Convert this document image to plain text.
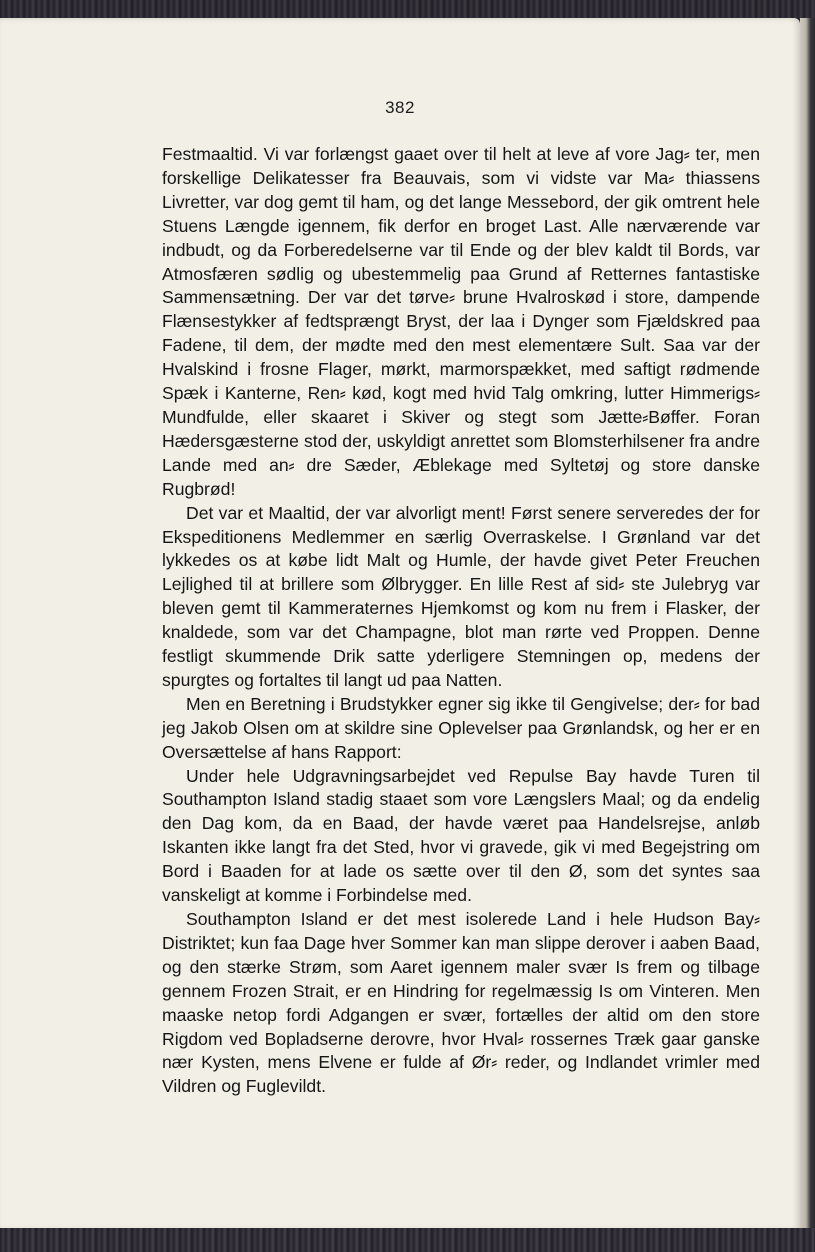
382

Festmaaltid. Vi var forlængst gaaet over til helt at leve af vore Jag⸗ ter, men forskellige Delikatesser fra Beauvais, som vi vidste var Ma⸗ thiassens Livretter, var dog gemt til ham, og det lange Messebord, der gik omtrent hele Stuens Længde igennem, fik derfor en broget Last. Alle nærværende var indbudt, og da Forberedelserne var til Ende og der blev kaldt til Bords, var Atmosfæren sødlig og ubestemmelig paa Grund af Retternes fantastiske Sammensætning. Der var det tørve⸗ brune Hvalroskød i store, dampende Flænsestykker af fedtsprængt Bryst, der laa i Dynger som Fjældskred paa Fadene, til dem, der mødte med den mest elementære Sult. Saa var der Hvalskind i frosne Flager, mørkt, marmorspækket, med saftigt rødmende Spæk i Kanterne, Ren⸗ kød, kogt med hvid Talg omkring, lutter Himmerigs⸗Mundfulde, eller skaaret i Skiver og stegt som Jætte⸗Bøffer. Foran Hædersgæsterne stod der, uskyldigt anrettet som Blomsterhilsener fra andre Lande med an⸗ dre Sæder, Æblekage med Syltetøj og store danske Rugbrød!

Det var et Maaltid, der var alvorligt ment! Først senere serveredes der for Ekspeditionens Medlemmer en særlig Overraskelse. I Grønland var det lykkedes os at købe lidt Malt og Humle, der havde givet Peter Freuchen Lejlighed til at brillere som Ølbrygger. En lille Rest af sid⸗ ste Julebryg var bleven gemt til Kammeraternes Hjemkomst og kom nu frem i Flasker, der knaldede, som var det Champagne, blot man rørte ved Proppen. Denne festligt skummende Drik satte yderligere Stemningen op, medens der spurgtes og fortaltes til langt ud paa Natten.

Men en Beretning i Brudstykker egner sig ikke til Gengivelse; der⸗ for bad jeg Jakob Olsen om at skildre sine Oplevelser paa Grønlandsk, og her er en Oversættelse af hans Rapport:

Under hele Udgravningsarbejdet ved Repulse Bay havde Turen til Southampton Island stadig staaet som vore Længslers Maal; og da endelig den Dag kom, da en Baad, der havde været paa Handelsrejse, anløb Iskanten ikke langt fra det Sted, hvor vi gravede, gik vi med Begejstring om Bord i Baaden for at lade os sætte over til den Ø, som det syntes saa vanskeligt at komme i Forbindelse med.

Southampton Island er det mest isolerede Land i hele Hudson Bay⸗ Distriktet; kun faa Dage hver Sommer kan man slippe derover i aaben Baad, og den stærke Strøm, som Aaret igennem maler svær Is frem og tilbage gennem Frozen Strait, er en Hindring for regelmæssig Is om Vinteren. Men maaske netop fordi Adgangen er svær, fortælles der altid om den store Rigdom ved Bopladserne derovre, hvor Hval⸗ rossernes Træk gaar ganske nær Kysten, mens Elvene er fulde af Ør⸗ reder, og Indlandet vrimler med Vildren og Fuglevildt.
